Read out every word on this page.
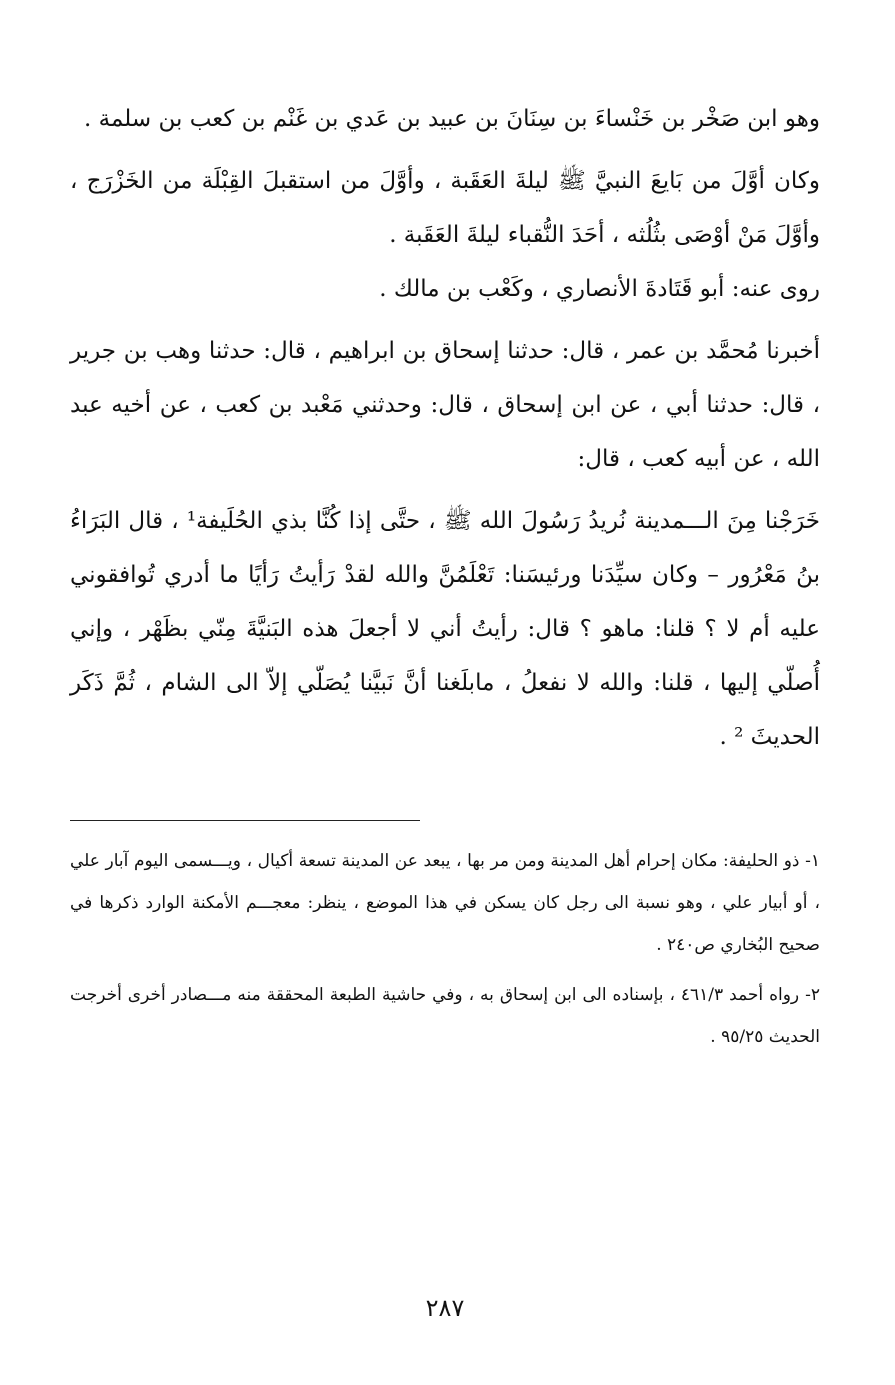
وهو ابن صَخْر بن خَنْساءَ بن سِنَانَ بن عبيد بن عَدي بن غَنْم بن كعب بن سلمة .

وكان أوَّلَ من بَايعَ النبيَّ ﷺ ليلةَ العَقَبة ، وأوَّلَ من استقبلَ القِبْلَة من الخَزْرَج ، وأوَّلَ مَنْ أوْصَى بثُلُثه ، أحَدَ النُّقباء ليلةَ العَقَبة .

روى عنه: أبو قَتَادةَ الأنصاري ، وكَعْب بن مالك .

أخبرنا مُحمَّد بن عمر ، قال: حدثنا إسحاق بن ابراهيم ، قال: حدثنا وهب بن جرير ، قال: حدثنا أبي ، عن ابن إسحاق ، قال: وحدثني مَعْبد بن كعب ، عن أخيه عبد الله ، عن أبيه كعب ، قال:

خَرَجْنا مِنَ الـــمدينة نُريدُ رَسُولَ الله ﷺ ، حتَّى إذا كُنَّا بذي الحُلَيفة¹ ، قال البَرَاءُ بنُ مَعْرُور – وكان سيِّدَنا ورئيسَنا: تَعْلَمُنَّ والله لقدْ رَأيتُ رَأيًا ما أدري تُوافقوني عليه أم لا ؟ قلنا: ماهو ؟ قال: رأيتُ أني لا أجعلَ هذه البَنيَّةَ مِنّي بظَهْر ، وإني أُصلّي إليها ، قلنا: والله لا نفعلُ ، مابلَغنا أنَّ نَبيَّنا يُصَلّي إلاّ الى الشام ، ثُمَّ ذَكَر الحديثَ ² .

١- ذو الحليفة: مكان إحرام أهل المدينة ومن مر بها ، يبعد عن المدينة تسعة أكيال ، ويـــسمى اليوم آبار علي ، أو أبيار علي ، وهو نسبة الى رجل كان يسكن في هذا الموضع ، ينظر: معجـــم الأمكنة الوارد ذكرها في صحيح البُخاري ص٢٤٠ .

٢- رواه أحمد ٤٦١/٣ ، بإسناده الى ابن إسحاق به ، وفي حاشية الطبعة المحققة منه مـــصادر أخرى أخرجت الحديث ٩٥/٢٥ .

٢٨٧
